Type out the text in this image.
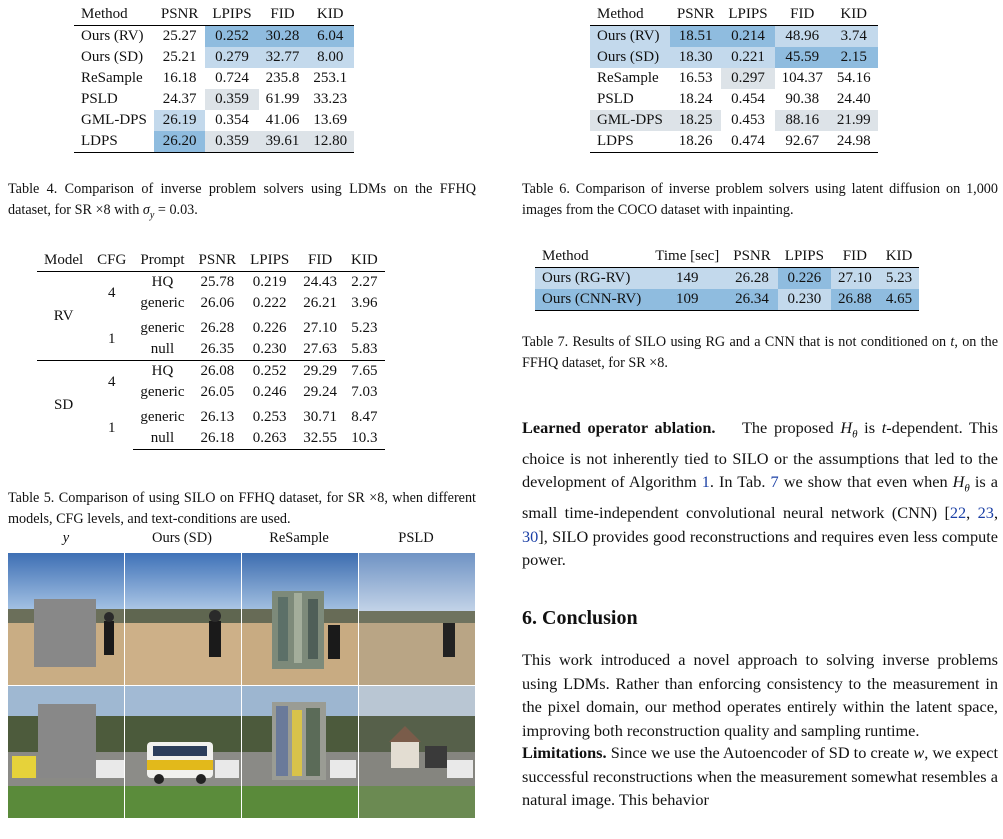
Method	PSNR	LPIPS	FID	KID
Ours (RV)	25.27	0.252	30.28	6.04
Ours (SD)	25.21	0.279	32.77	8.00
ReSample	16.18	0.724	235.8	253.1
PSLD	24.37	0.359	61.99	33.23
GML-DPS	26.19	0.354	41.06	13.69
LDPS	26.20	0.359	39.61	12.80

Table 4. Comparison of inverse problem solvers using LDMs on the FFHQ dataset, for SR ×8 with $\sigma_y = 0.03$.

Model	CFG	Prompt	PSNR	LPIPS	FID	KID
RV	4	HQ	25.78	0.219	24.43	2.27
		generic	26.06	0.222	26.21	3.96

	1	generic	26.28	0.226	27.10	5.23
		null	26.35	0.230	27.63	5.83
SD	4	HQ	26.08	0.252	29.29	7.65
		generic	26.05	0.246	29.24	7.03

	1	generic	26.13	0.253	30.71	8.47
		null	26.18	0.263	32.55	10.3

Table 5. Comparison of using SILO on FFHQ dataset, for SR ×8, when different models, CFG levels, and text-conditions are used.

y	Ours (SD)	ReSample	PSLD
Method	PSNR	LPIPS	FID	KID
Ours (RV)	18.51	0.214	48.96	3.74
Ours (SD)	18.30	0.221	45.59	2.15
ReSample	16.53	0.297	104.37	54.16
PSLD	18.24	0.454	90.38	24.40
GML-DPS	18.25	0.453	88.16	21.99
LDPS	18.26	0.474	92.67	24.98

Table 6. Comparison of inverse problem solvers using latent diffusion on 1,000 images from the COCO dataset with inpainting.

Method	Time [sec]	PSNR	LPIPS	FID	KID
Ours (RG-RV)	149	26.28	0.226	27.10	5.23
Ours (CNN-RV)	109	26.34	0.230	26.88	4.65

Table 7. Results of SILO using RG and a CNN that is not conditioned on t, on the FFHQ dataset, for SR ×8.

Learned operator ablation. The proposed $H_\theta$ is t-dependent. This choice is not inherently tied to SILO or the assumptions that led to the development of Algorithm 1. In Tab. 7 we show that even when $H_\theta$ is a small time-independent convolutional neural network (CNN) [22, 23, 30], SILO provides good reconstructions and requires even less compute power.

6. Conclusion

This work introduced a novel approach to solving inverse problems using LDMs. Rather than enforcing consistency to the measurement in the pixel domain, our method operates entirely within the latent space, improving both reconstruction quality and sampling runtime.

Limitations. Since we use the Autoencoder of SD to create w, we expect successful reconstructions when the measurement somewhat resembles a natural image. This behavior
